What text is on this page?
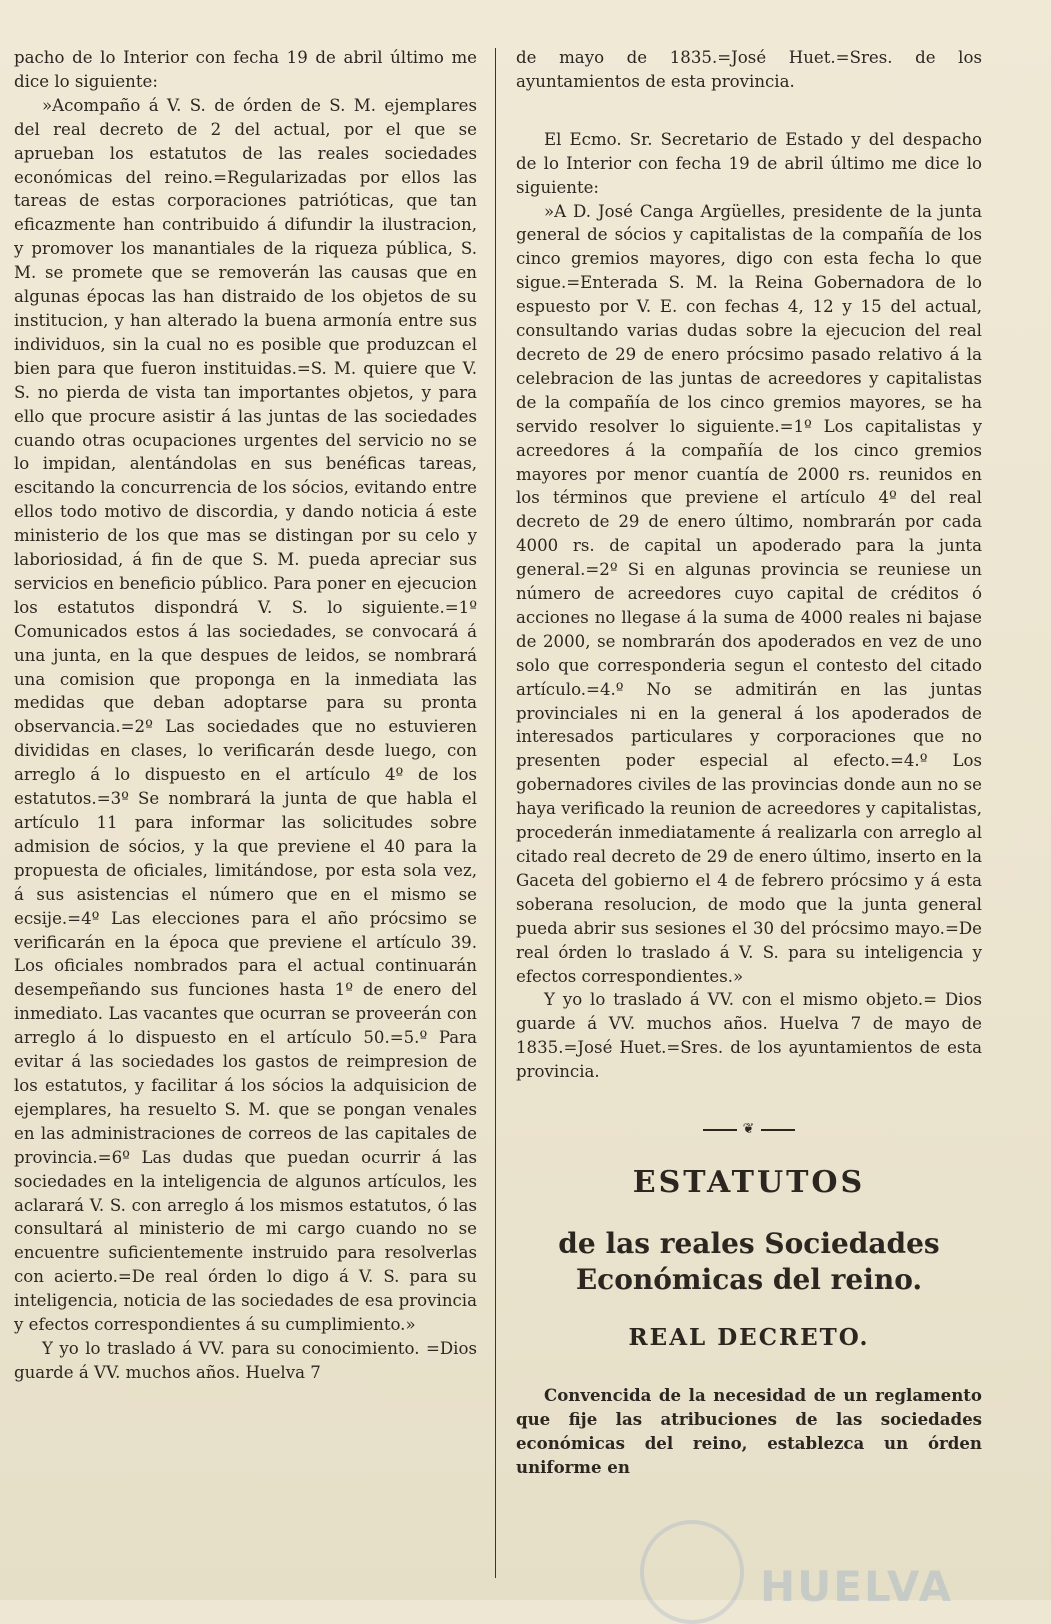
pacho de lo Interior con fecha 19 de abril último me dice lo siguiente:

»Acompaño á V. S. de órden de S. M. ejemplares del real decreto de 2 del actual, por el que se aprueban los estatutos de las reales sociedades económicas del reino.=Regularizadas por ellos las tareas de estas corporaciones patrióticas, que tan eficazmente han contribuido á difundir la ilustracion, y promover los manantiales de la riqueza pública, S. M. se promete que se removerán las causas que en algunas épocas las han distraido de los objetos de su institucion, y han alterado la buena armonía entre sus individuos, sin la cual no es posible que produzcan el bien para que fueron instituidas.=S. M. quiere que V. S. no pierda de vista tan importantes objetos, y para ello que procure asistir á las juntas de las sociedades cuando otras ocupaciones urgentes del servicio no se lo impidan, alentándolas en sus benéficas tareas, escitando la concurrencia de los sócios, evitando entre ellos todo motivo de discordia, y dando noticia á este ministerio de los que mas se distingan por su celo y laboriosidad, á fin de que S. M. pueda apreciar sus servicios en beneficio público. Para poner en ejecucion los estatutos dispondrá V. S. lo siguiente.=1º Comunicados estos á las sociedades, se convocará á una junta, en la que despues de leidos, se nombrará una comision que proponga en la inmediata las medidas que deban adoptarse para su pronta observancia.=2º Las sociedades que no estuvieren divididas en clases, lo verificarán desde luego, con arreglo á lo dispuesto en el artículo 4º de los estatutos.=3º Se nombrará la junta de que habla el artículo 11 para informar las solicitudes sobre admision de sócios, y la que previene el 40 para la propuesta de oficiales, limitándose, por esta sola vez, á sus asistencias el número que en el mismo se ecsije.=4º Las elecciones para el año prócsimo se verificarán en la época que previene el artículo 39. Los oficiales nombrados para el actual continuarán desempeñando sus funciones hasta 1º de enero del inmediato. Las vacantes que ocurran se proveerán con arreglo á lo dispuesto en el artículo 50.=5.º Para evitar á las sociedades los gastos de reimpresion de los estatutos, y facilitar á los sócios la adquisicion de ejemplares, ha resuelto S. M. que se pongan venales en las administraciones de correos de las capitales de provincia.=6º Las dudas que puedan ocurrir á las sociedades en la inteligencia de algunos artículos, les aclarará V. S. con arreglo á los mismos estatutos, ó las consultará al ministerio de mi cargo cuando no se encuentre suficientemente instruido para resolverlas con acierto.=De real órden lo digo á V. S. para su inteligencia, noticia de las sociedades de esa provincia y efectos correspondientes á su cumplimiento.»

Y yo lo traslado á VV. para su conocimiento. =Dios guarde á VV. muchos años. Huelva 7

de mayo de 1835.=José Huet.=Sres. de los ayuntamientos de esta provincia.

El Ecmo. Sr. Secretario de Estado y del despacho de lo Interior con fecha 19 de abril último me dice lo siguiente:

»A D. José Canga Argüelles, presidente de la junta general de sócios y capitalistas de la compañía de los cinco gremios mayores, digo con esta fecha lo que sigue.=Enterada S. M. la Reina Gobernadora de lo espuesto por V. E. con fechas 4, 12 y 15 del actual, consultando varias dudas sobre la ejecucion del real decreto de 29 de enero prócsimo pasado relativo á la celebracion de las juntas de acreedores y capitalistas de la compañía de los cinco gremios mayores, se ha servido resolver lo siguiente.=1º Los capitalistas y acreedores á la compañía de los cinco gremios mayores por menor cuantía de 2000 rs. reunidos en los términos que previene el artículo 4º del real decreto de 29 de enero último, nombrarán por cada 4000 rs. de capital un apoderado para la junta general.=2º Si en algunas provincia se reuniese un número de acreedores cuyo capital de créditos ó acciones no llegase á la suma de 4000 reales ni bajase de 2000, se nombrarán dos apoderados en vez de uno solo que corresponderia segun el contesto del citado artículo.=4.º No se admitirán en las juntas provinciales ni en la general á los apoderados de interesados particulares y corporaciones que no presenten poder especial al efecto.=4.º Los gobernadores civiles de las provincias donde aun no se haya verificado la reunion de acreedores y capitalistas, procederán inmediatamente á realizarla con arreglo al citado real decreto de 29 de enero último, inserto en la Gaceta del gobierno el 4 de febrero prócsimo y á esta soberana resolucion, de modo que la junta general pueda abrir sus sesiones el 30 del prócsimo mayo.=De real órden lo traslado á V. S. para su inteligencia y efectos correspondientes.»

Y yo lo traslado á VV. con el mismo objeto.= Dios guarde á VV. muchos años. Huelva 7 de mayo de 1835.=José Huet.=Sres. de los ayuntamientos de esta provincia.

❦
ESTATUTOS
de las reales Sociedades Económicas del reino.
REAL DECRETO.

Convencida de la necesidad de un reglamento que fije las atribuciones de las sociedades económicas del reino, establezca un órden uniforme en

HUELVA
